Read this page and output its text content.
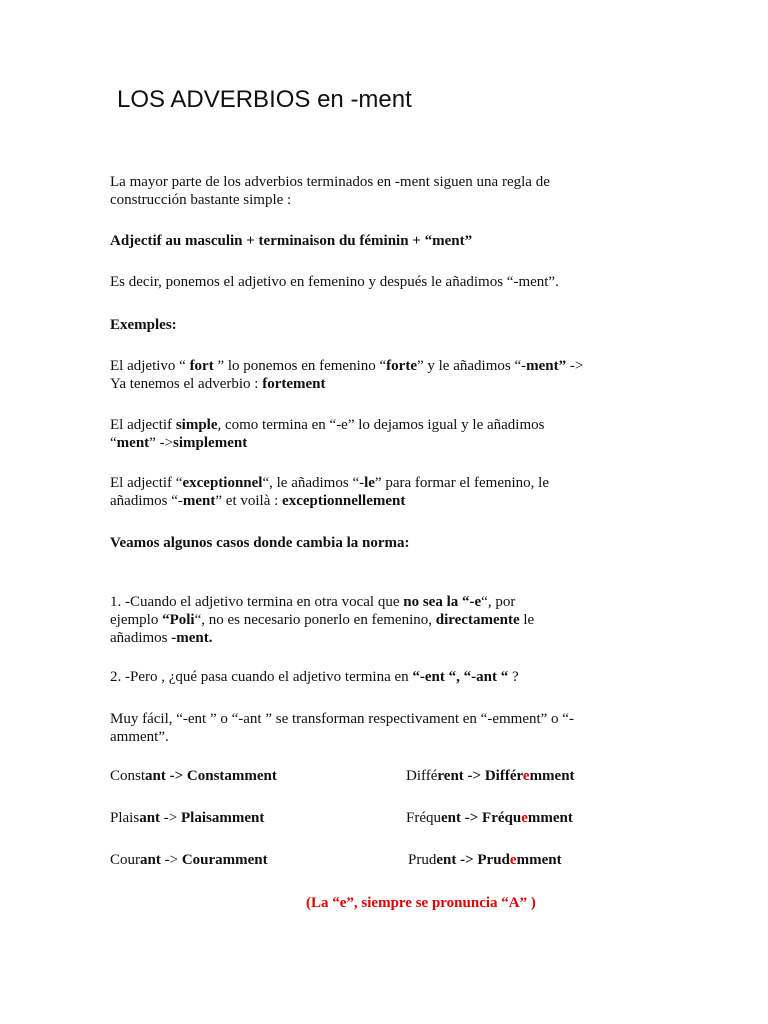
LOS ADVERBIOS en -ment
La mayor parte de los adverbios terminados en -ment siguen una regla de
construcción bastante simple :
Adjectif au masculin + terminaison du féminin + “ment”
Es decir, ponemos el adjetivo en femenino y después le añadimos “-ment”.
Exemples:
El adjetivo “ fort ” lo ponemos en femenino “forte” y le añadimos “-ment” ->
Ya tenemos el adverbio : fortement
El adjectif simple, como termina en “-e” lo dejamos igual y le añadimos
“ment” ->simplement
El adjectif “exceptionnel“, le añadimos “-le” para formar el femenino, le
añadimos “-ment” et voilà : exceptionnellement
Veamos algunos casos donde cambia la norma:
1. -Cuando el adjetivo termina en otra vocal que no sea la “-e“, por
ejemplo “Poli“, no es necesario ponerlo en femenino, directamente le
añadimos -ment.
2. -Pero , ¿qué pasa cuando el adjetivo termina en “-ent “, “-ant “ ?
Muy fácil, “-ent ” o “-ant ” se transforman respectivament en “-emment” o “-
amment”.
Constant -> Constamment	Différent -> Différemment
Plaisant -> Plaisamment	Fréquent -> Fréquemment
Courant -> Couramment	Prudent -> Prudemment
(La “e”, siempre se pronuncia “A” )
